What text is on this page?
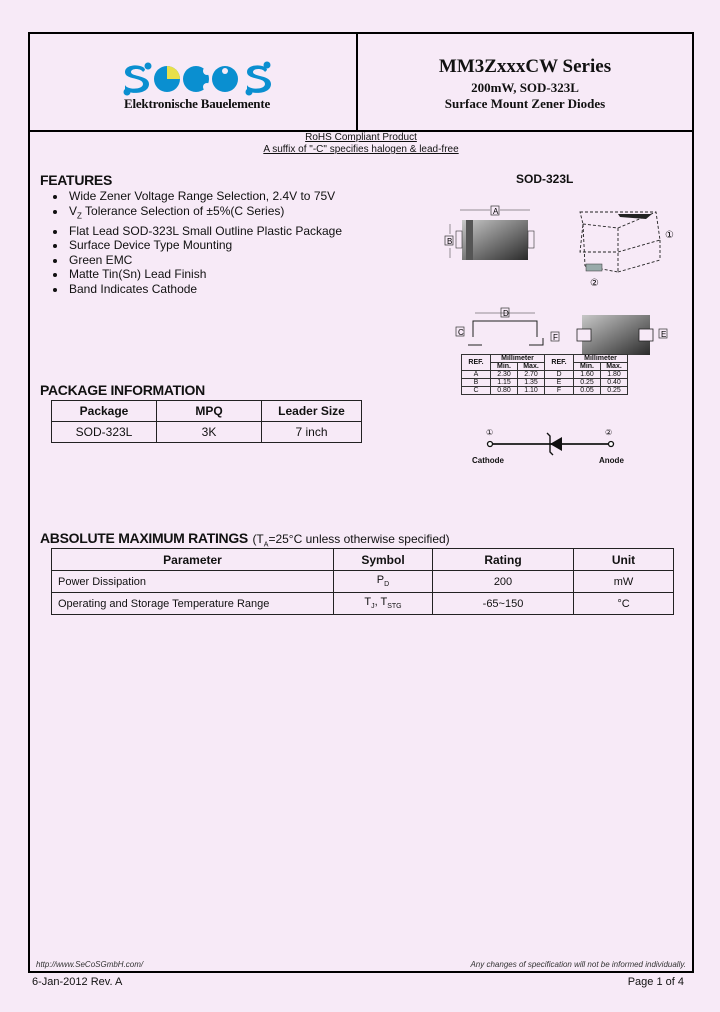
Elektronische Bauelemente
MM3ZxxxCW Series
200mW, SOD-323L
Surface Mount Zener Diodes
RoHS Compliant Product
A suffix of "-C" specifies halogen & lead-free
FEATURES
Wide Zener Voltage Range Selection, 2.4V to 75V
$V_Z$ Tolerance Selection of ±5%(C Series)
Flat Lead SOD-323L Small Outline Plastic Package
Surface Device Type Mounting
Green EMC
Matte Tin(Sn) Lead Finish
Band Indicates Cathode
SOD-323L
A
B
①
②
D
C
F	E
REF.	Millimeter		REF.	Millimeter	
	Min.	Max.		Min.	Max.
A	2.30	2.70	D	1.60	1.80
B	1.15	1.35	E	0.25	0.40
C	0.80	1.10	F	0.05	0.25
①	②
Cathode	Anode
PACKAGE INFORMATION
Package	MPQ	Leader Size
SOD-323L	3K	7 inch
ABSOLUTE MAXIMUM RATINGS ($T_A=25^\circ C$ unless otherwise specified)
Parameter	Symbol	Rating	Unit
Power Dissipation	$P_D$	200	mW
Operating and Storage Temperature Range	$T_J$, $T_{STG}$	-65~150	°C
http://www.SeCoSGmbH.com/	Any changes of specification will not be informed individually.
6-Jan-2012 Rev. A	Page 1 of 4
